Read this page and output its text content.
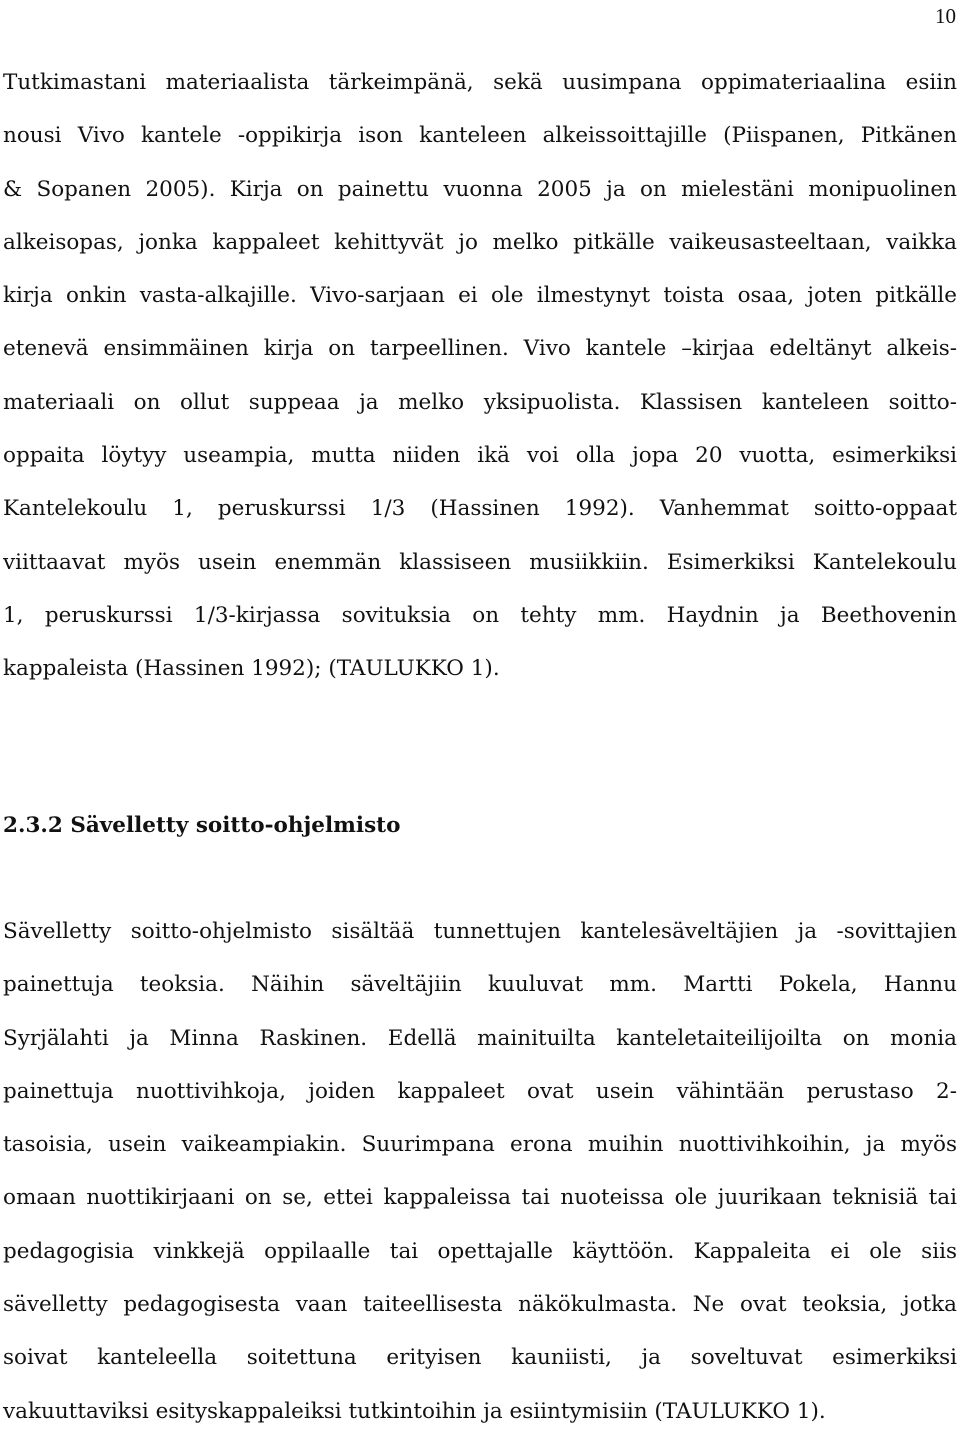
10
Tutkimastani materiaalista tärkeimpänä, sekä uusimpana oppimateriaalina esiin
nousi Vivo kantele -oppikirja ison kanteleen alkeissoittajille (Piispanen, Pitkänen
& Sopanen 2005). Kirja on painettu vuonna 2005 ja on mielestäni monipuolinen
alkeisopas, jonka kappaleet kehittyvät jo melko pitkälle vaikeusasteeltaan, vaikka
kirja onkin vasta-alkajille. Vivo-sarjaan ei ole ilmestynyt toista osaa, joten pitkälle
etenevä ensimmäinen kirja on tarpeellinen. Vivo kantele –kirjaa edeltänyt alkeis-
materiaali on ollut suppeaa ja melko yksipuolista. Klassisen kanteleen soitto-
oppaita löytyy useampia, mutta niiden ikä voi olla jopa 20 vuotta, esimerkiksi
Kantelekoulu 1, peruskurssi 1/3 (Hassinen 1992). Vanhemmat soitto-oppaat
viittaavat myös usein enemmän klassiseen musiikkiin. Esimerkiksi Kantelekoulu
1, peruskurssi 1/3-kirjassa sovituksia on tehty mm. Haydnin ja Beethovenin
kappaleista (Hassinen 1992); (TAULUKKO 1).
2.3.2 Sävelletty soitto-ohjelmisto
Sävelletty soitto-ohjelmisto sisältää tunnettujen kantelesäveltäjien ja -sovittajien
painettuja teoksia. Näihin säveltäjiin kuuluvat mm. Martti Pokela, Hannu
Syrjälahti ja Minna Raskinen. Edellä mainituilta kanteletaiteilijoilta on monia
painettuja nuottivihkoja, joiden kappaleet ovat usein vähintään perustaso 2-
tasoisia, usein vaikeampiakin. Suurimpana erona muihin nuottivihkoihin, ja myös
omaan nuottikirjaani on se, ettei kappaleissa tai nuoteissa ole juurikaan teknisiä tai
pedagogisia vinkkejä oppilaalle tai opettajalle käyttöön. Kappaleita ei ole siis
sävelletty pedagogisesta vaan taiteellisesta näkökulmasta. Ne ovat teoksia, jotka
soivat kanteleella soitettuna erityisen kauniisti, ja soveltuvat esimerkiksi
vakuuttaviksi esityskappaleiksi tutkintoihin ja esiintymisiin (TAULUKKO 1).
